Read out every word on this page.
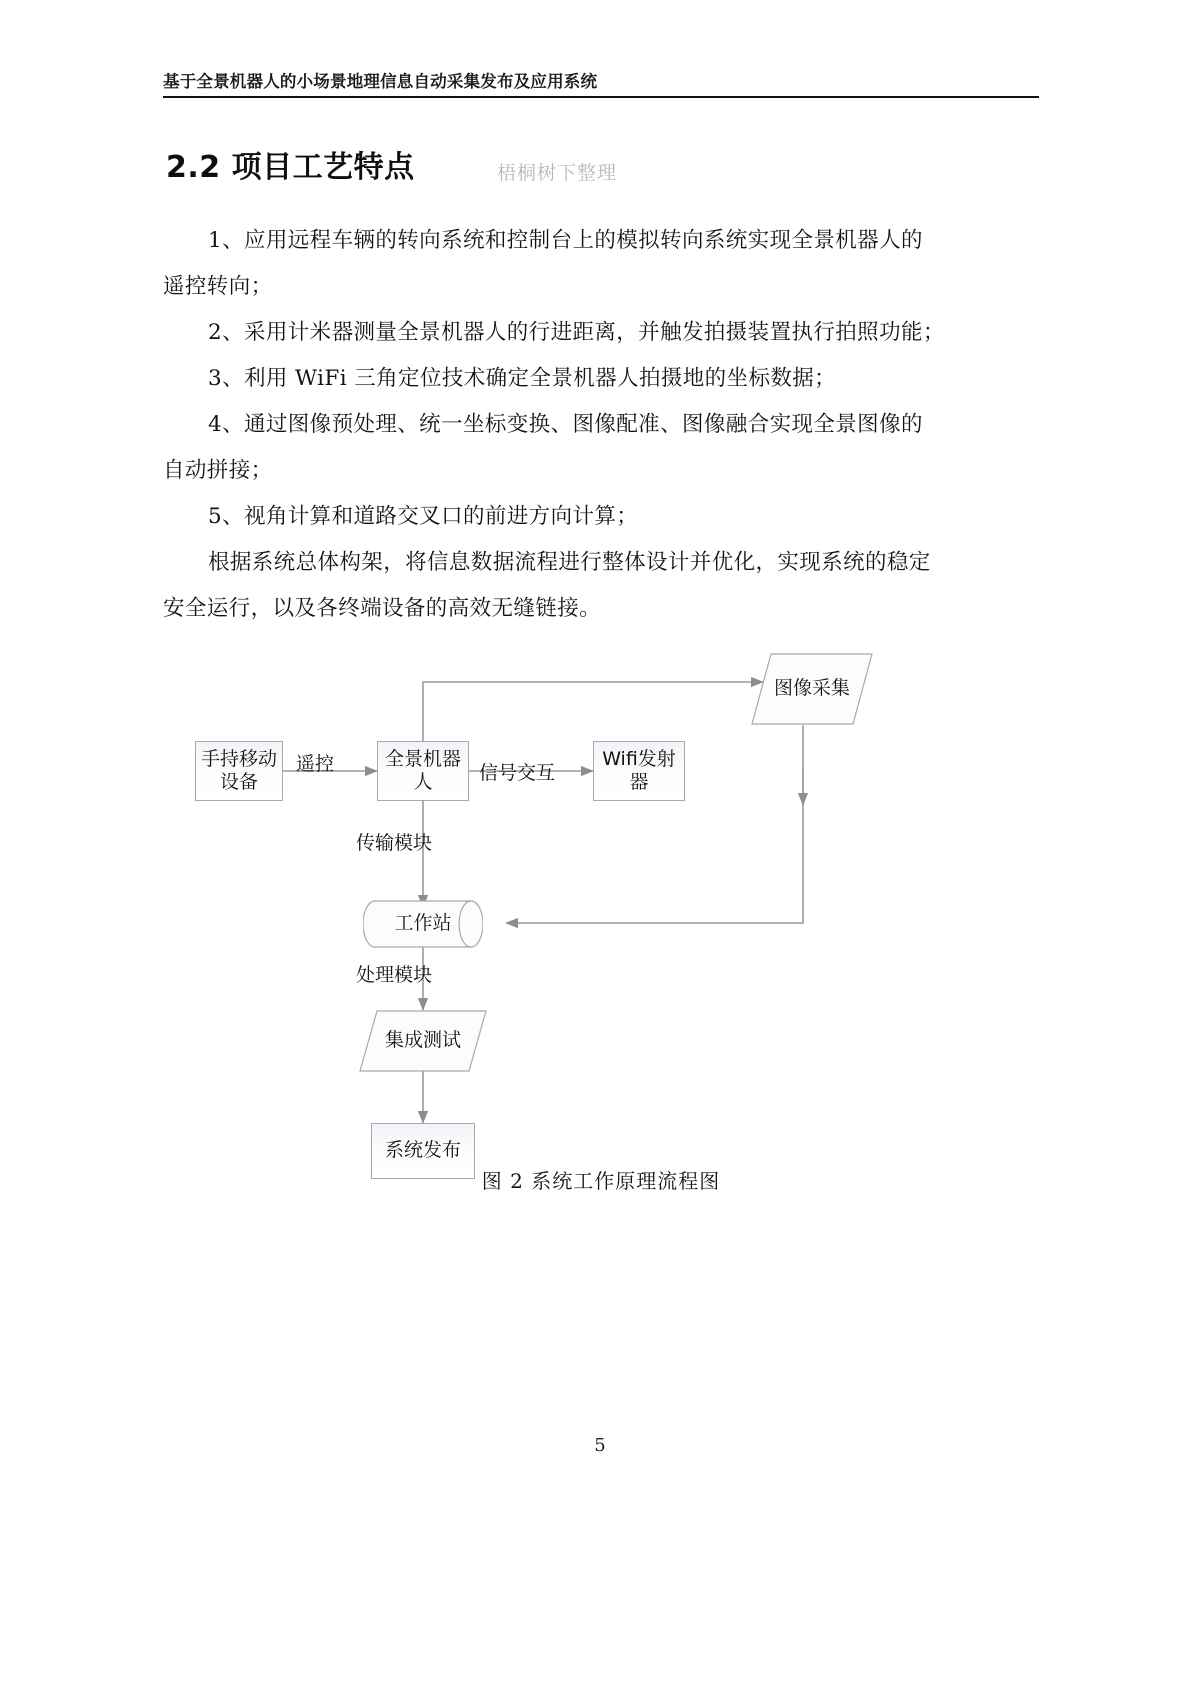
基于全景机器人的小场景地理信息自动采集发布及应用系统
2.2 项目工艺特点	梧桐树下整理
1、应用远程车辆的转向系统和控制台上的模拟转向系统实现全景机器人的
遥控转向；
2、采用计米器测量全景机器人的行进距离，并触发拍摄装置执行拍照功能；
3、利用 WiFi 三角定位技术确定全景机器人拍摄地的坐标数据；
4、通过图像预处理、统一坐标变换、图像配准、图像融合实现全景图像的
自动拼接；
5、视角计算和道路交叉口的前进方向计算；
根据系统总体构架，将信息数据流程进行整体设计并优化，实现系统的稳定
安全运行，以及各终端设备的高效无缝链接。
手持移动设备
全景机器人
Wifi发射器
图像采集
工作站
集成测试
系统发布
遥控	信号交互
传输模块
处理模块
图 2 系统工作原理流程图
5
